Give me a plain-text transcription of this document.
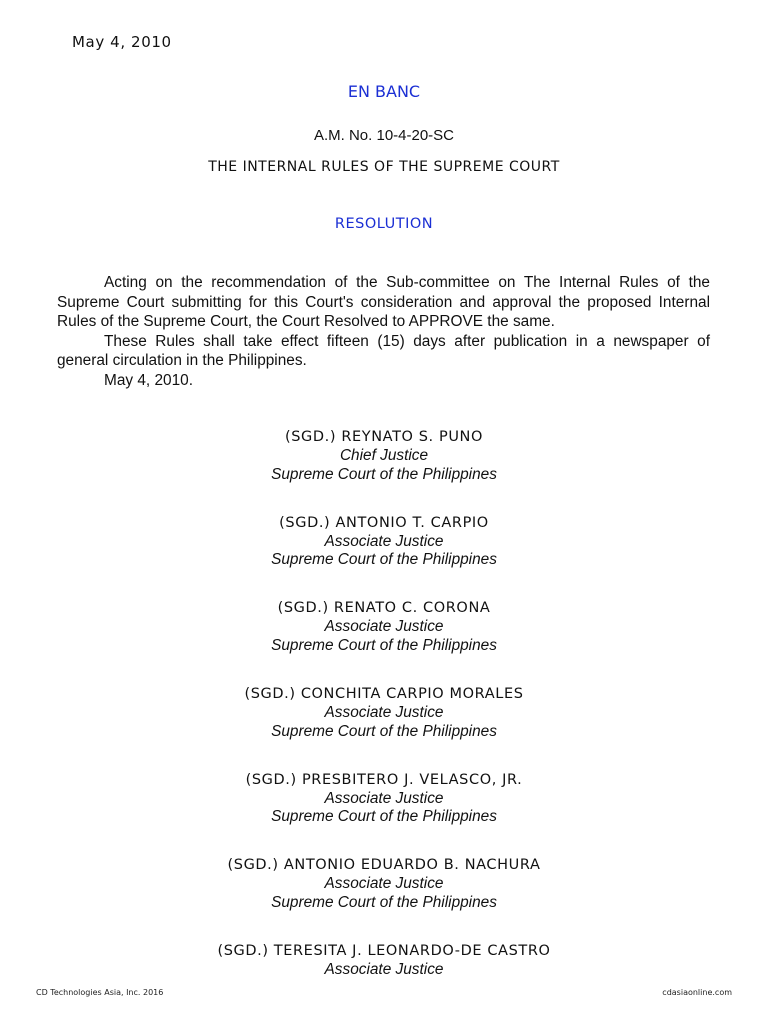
May 4, 2010
EN BANC
A.M. No. 10-4-20-SC
THE INTERNAL RULES OF THE SUPREME COURT
RESOLUTION

Acting on the recommendation of the Sub-committee on The Internal Rules of the Supreme Court submitting for this Court's consideration and approval the proposed Internal Rules of the Supreme Court, the Court Resolved to APPROVE the same.

These Rules shall take effect fifteen (15) days after publication in a newspaper of general circulation in the Philippines.

May 4, 2010.

(SGD.) REYNATO S. PUNO
Chief Justice
Supreme Court of the Philippines
(SGD.) ANTONIO T. CARPIO
Associate Justice
Supreme Court of the Philippines
(SGD.) RENATO C. CORONA
Associate Justice
Supreme Court of the Philippines
(SGD.) CONCHITA CARPIO MORALES
Associate Justice
Supreme Court of the Philippines
(SGD.) PRESBITERO J. VELASCO, JR.
Associate Justice
Supreme Court of the Philippines
(SGD.) ANTONIO EDUARDO B. NACHURA
Associate Justice
Supreme Court of the Philippines
(SGD.) TERESITA J. LEONARDO-DE CASTRO
Associate Justice
CD Technologies Asia, Inc. 2016	cdasiaonline.com
